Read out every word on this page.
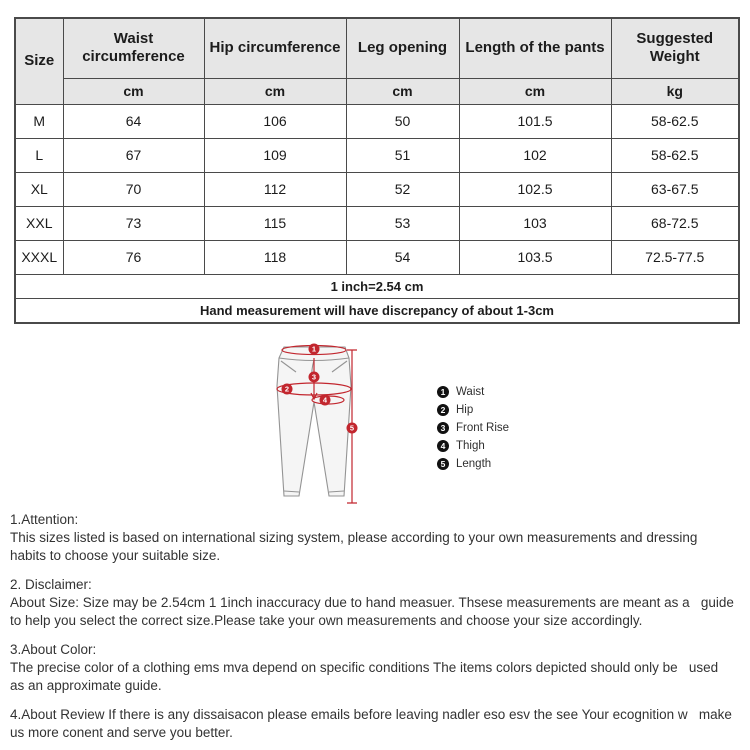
Size	Waist circumference	Hip circumference	Leg opening	Length of the pants	Suggested Weight
	cm	cm	cm	cm	kg
M	64	106	50	101.5	58-62.5
L	67	109	51	102	58-62.5
XL	70	112	52	102.5	63-67.5
XXL	73	115	53	103	68-72.5
XXXL	76	118	54	103.5	72.5-77.5
1 inch=2.54 cm					
Hand measurement will have discrepancy of about 1-3cm					
1
3
2
4
5
1 Waist
2 Hip
3 Front Rise
4 Thigh
5 Length
1.Attention:
This sizes listed is based on international sizing system, please according to your own measurements and dressing   habits to choose your suitable size.
2. Disclaimer:
About Size: Size may be 2.54cm 1 1inch inaccuracy due to hand measuer. Thsese measurements are meant as a   guide to help you select the correct size.Please take your own measurements and choose your size accordingly.
3.About Color:
The precise color of a clothing ems mva depend on specific conditions The items colors depicted should only be   used as an approximate guide.
4.About Review If there is any dissaisacon please emails before leaving nadler eso esv the see Your ecognition w   make us more conent and serve you better.
